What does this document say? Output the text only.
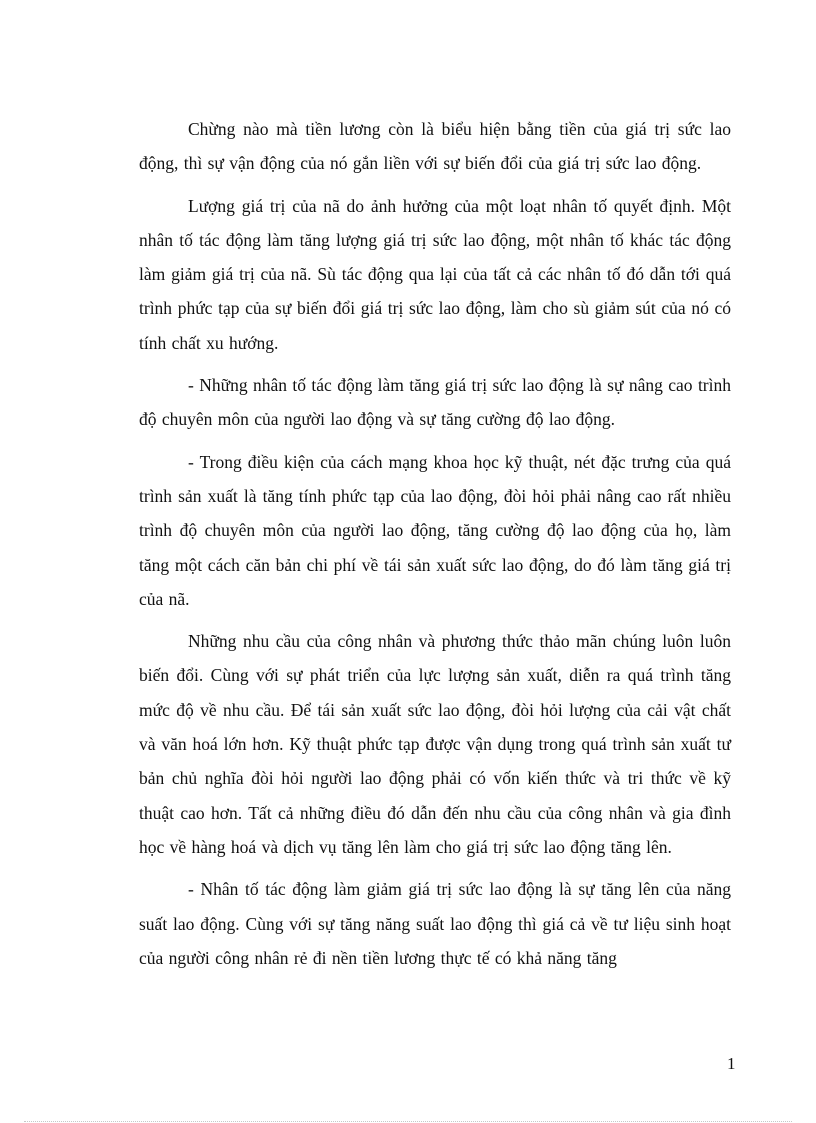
Chừng nào mà tiền lương còn là biểu hiện bằng tiền của giá trị sức lao động, thì sự vận động của nó gắn liền với sự biến đổi của giá trị sức lao động.

Lượng giá trị của nã do ảnh hưởng của một loạt nhân tố quyết định. Một nhân tố tác động làm tăng lượng giá trị sức lao động, một nhân tố khác tác động làm giảm giá trị của nã. Sù tác động qua lại của tất cả các nhân tố đó dẫn tới quá trình phức tạp của sự biến đổi giá trị sức lao động, làm cho sù giảm sút của nó có tính chất xu hướng.

- Những nhân tố tác động làm tăng giá trị sức lao động là sự nâng cao trình độ chuyên môn của người lao động và sự tăng cường độ lao động.

- Trong điều kiện của cách mạng khoa học kỹ thuật, nét đặc trưng của quá trình sản xuất là tăng tính phức tạp của lao động, đòi hỏi phải nâng cao rất nhiều trình độ chuyên môn của người lao động, tăng cường độ lao động của họ, làm tăng một cách căn bản chi phí về tái sản xuất sức lao động, do đó làm tăng giá trị của nã.

Những nhu cầu của công nhân và phương thức thảo mãn chúng luôn luôn biến đổi. Cùng với sự phát triển của lực lượng sản xuất, diễn ra quá trình tăng mức độ về nhu cầu. Để tái sản xuất sức lao động, đòi hỏi lượng của cải vật chất và văn hoá lớn hơn. Kỹ thuật phức tạp được vận dụng trong quá trình sản xuất tư bản chủ nghĩa đòi hỏi người lao động phải có vốn kiến thức và tri thức về kỹ thuật cao hơn. Tất cả những điều đó dẫn đến nhu cầu của công nhân và gia đình học về hàng hoá và dịch vụ tăng lên làm cho giá trị sức lao động tăng lên.

- Nhân tố tác động làm giảm giá trị sức lao động là sự tăng lên của năng suất lao động. Cùng với sự tăng năng suất lao động thì giá cả về tư liệu sinh hoạt của người công nhân rẻ đi nền tiền lương thực tế có khả năng tăng

1
